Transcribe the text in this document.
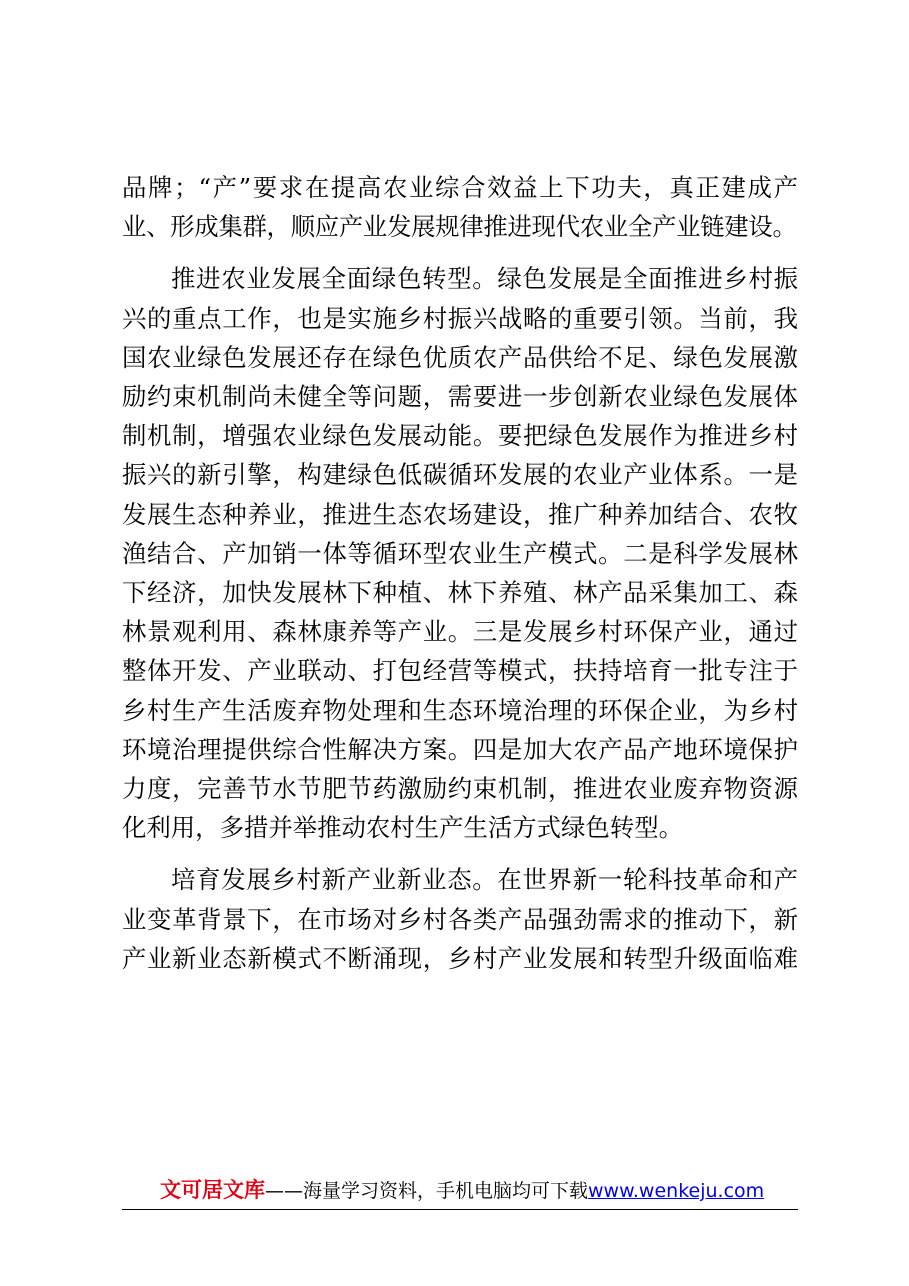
品牌；“产”要求在提高农业综合效益上下功夫，真正建成产
业、形成集群，顺应产业发展规律推进现代农业全产业链建设。

推进农业发展全面绿色转型。绿色发展是全面推进乡村振
兴的重点工作，也是实施乡村振兴战略的重要引领。当前，我
国农业绿色发展还存在绿色优质农产品供给不足、绿色发展激
励约束机制尚未健全等问题，需要进一步创新农业绿色发展体
制机制，增强农业绿色发展动能。要把绿色发展作为推进乡村
振兴的新引擎，构建绿色低碳循环发展的农业产业体系。一是
发展生态种养业，推进生态农场建设，推广种养加结合、农牧
渔结合、产加销一体等循环型农业生产模式。二是科学发展林
下经济，加快发展林下种植、林下养殖、林产品采集加工、森
林景观利用、森林康养等产业。三是发展乡村环保产业，通过
整体开发、产业联动、打包经营等模式，扶持培育一批专注于
乡村生产生活废弃物处理和生态环境治理的环保企业，为乡村
环境治理提供综合性解决方案。四是加大农产品产地环境保护
力度，完善节水节肥节药激励约束机制，推进农业废弃物资源
化利用，多措并举推动农村生产生活方式绿色转型。

培育发展乡村新产业新业态。在世界新一轮科技革命和产
业变革背景下，在市场对乡村各类产品强劲需求的推动下，新
产业新业态新模式不断涌现，乡村产业发展和转型升级面临难

文可居文库——海量学习资料，手机电脑均可下载www.wenkeju.com
